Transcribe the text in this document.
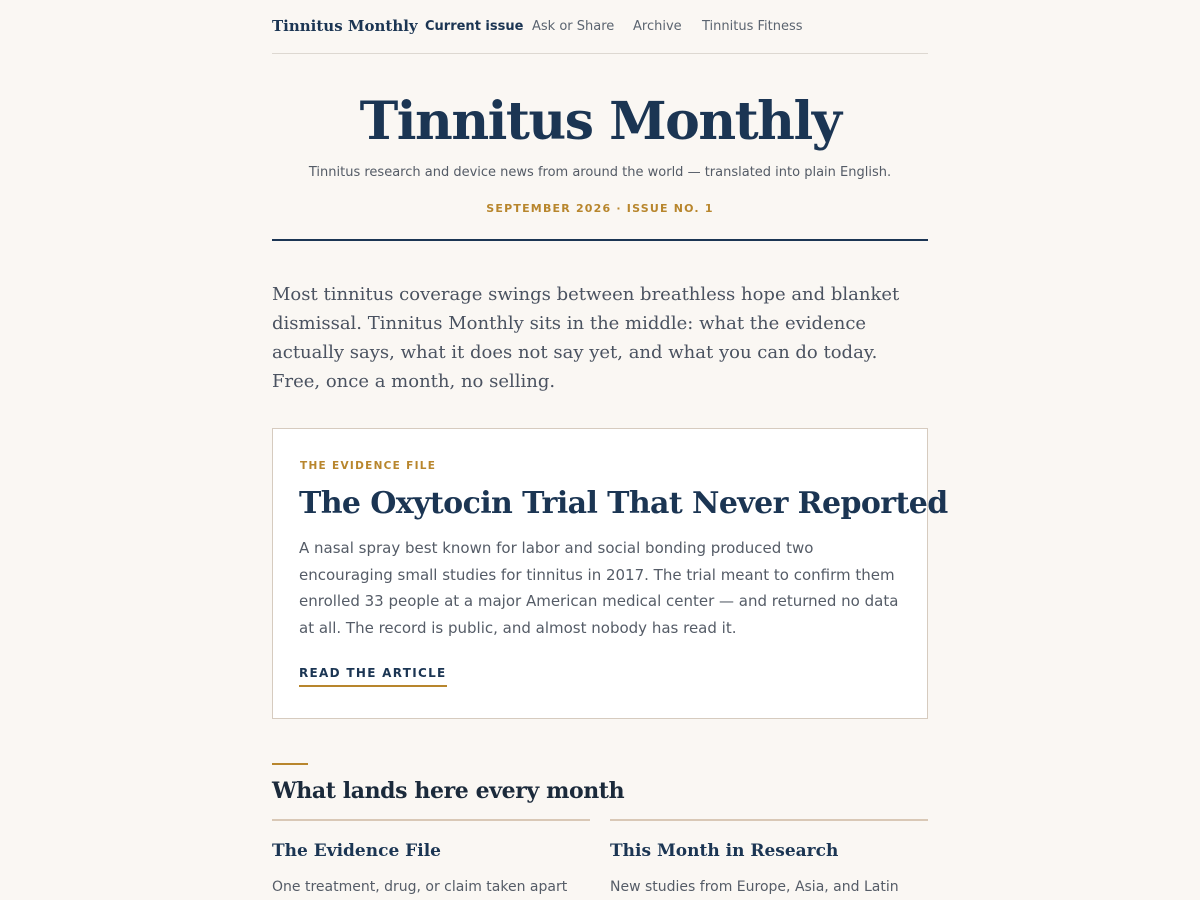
Tinnitus Monthly Current issue Ask or Share Archive Tinnitus Fitness
Tinnitus Monthly
Tinnitus research and device news from around the world — translated into plain English.
SEPTEMBER 2026 · ISSUE NO. 1

Most tinnitus coverage swings between breathless hope and blanket dismissal. Tinnitus Monthly sits in the middle: what the evidence actually says, what it does not say yet, and what you can do today. Free, once a month, no selling.

THE EVIDENCE FILE
The Oxytocin Trial That Never Reported

A nasal spray best known for labor and social bonding produced two encouraging small studies for tinnitus in 2017. The trial meant to confirm them enrolled 33 people at a major American medical center — and returned no data at all. The record is public, and almost nobody has read it.

READ THE ARTICLE
What lands here every month
The Evidence File

One treatment, drug, or claim taken apart

This Month in Research

New studies from Europe, Asia, and Latin
